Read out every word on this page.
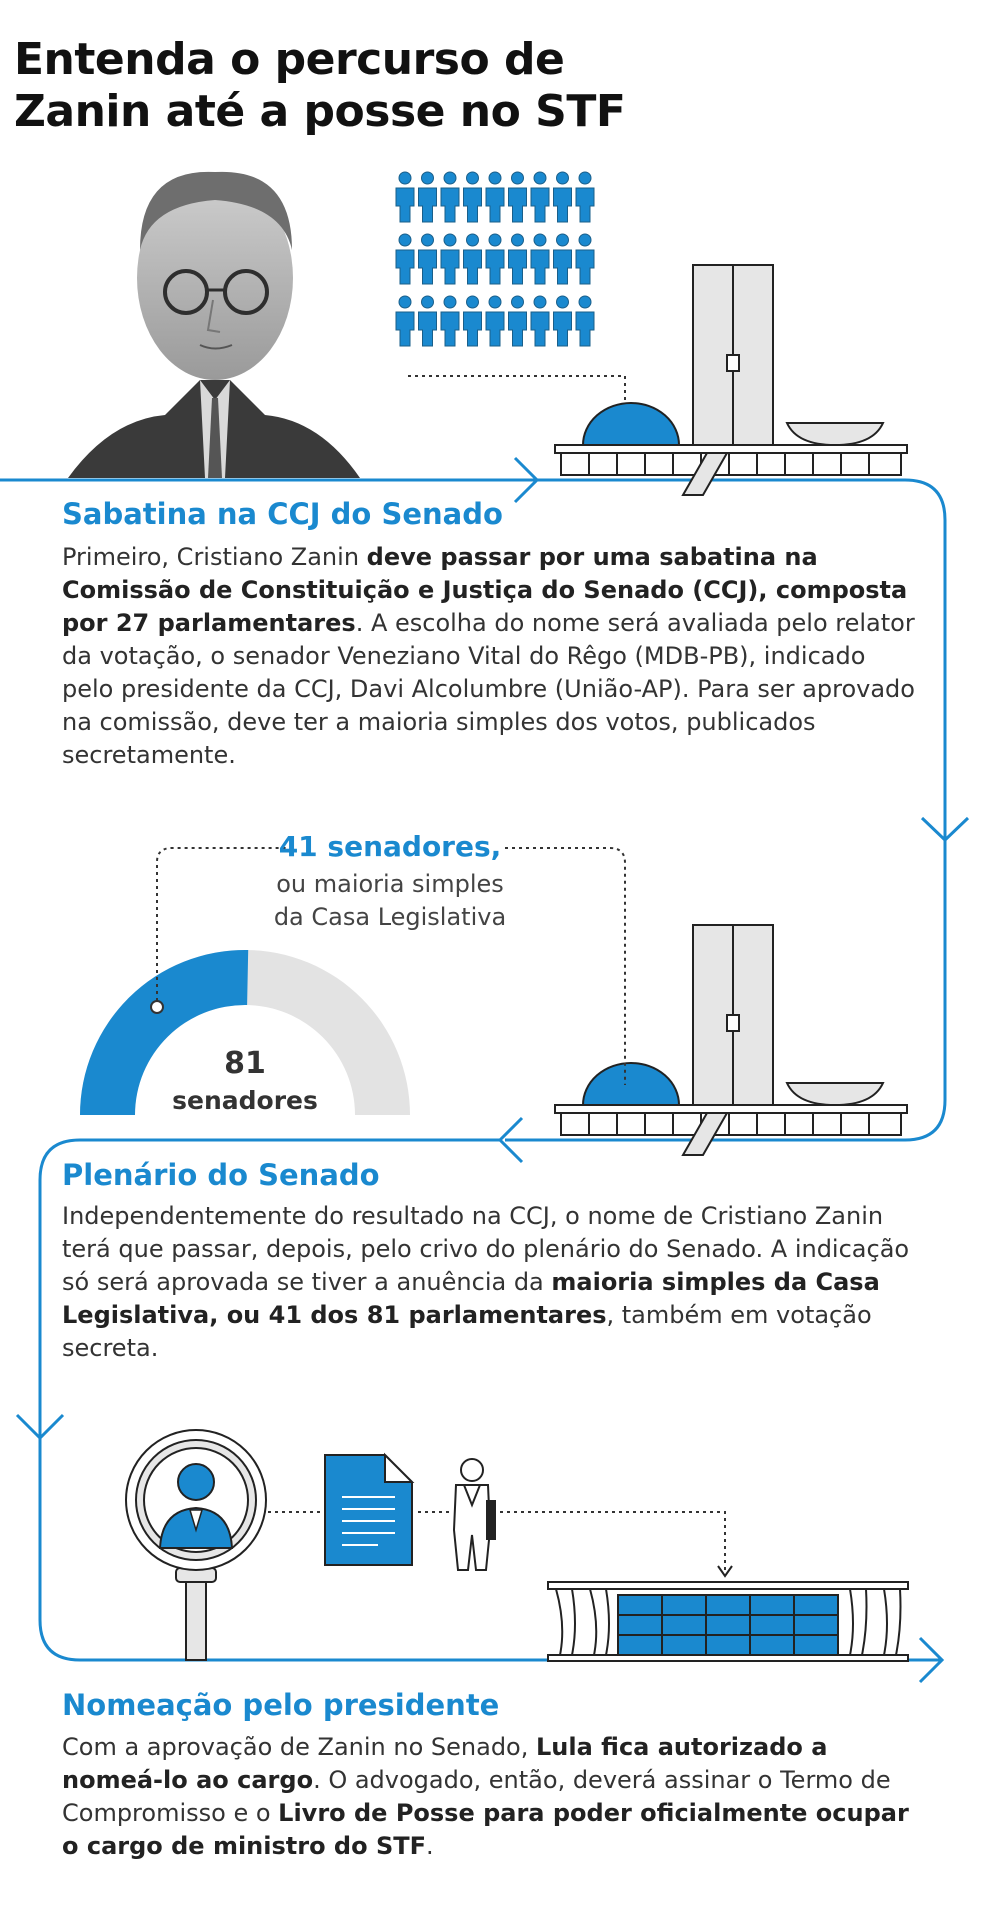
Entenda o percurso de
Zanin até a posse no STF
Sabatina na CCJ do Senado

Primeiro, Cristiano Zanin deve passar por uma sabatina na Comissão de Constituição e Justiça do Senado (CCJ), composta por 27 parlamentares. A escolha do nome será avaliada pelo relator da votação, o senador Veneziano Vital do Rêgo (MDB-PB), indicado pelo presidente da CCJ, Davi Alcolumbre (União-AP). Para ser aprovado na comissão, deve ter a maioria simples dos votos, publicados secretamente.

41 senadores,
ou maioria simples
da Casa Legislativa
81
senadores
Plenário do Senado

Independentemente do resultado na CCJ, o nome de Cristiano Zanin terá que passar, depois, pelo crivo do plenário do Senado. A indicação só será aprovada se tiver a anuência da maioria simples da Casa Legislativa, ou 41 dos 81 parlamentares, também em votação secreta.

Nomeação pelo presidente

Com a aprovação de Zanin no Senado, Lula fica autorizado a nomeá-lo ao cargo. O advogado, então, deverá assinar o Termo de Compromisso e o Livro de Posse para poder oficialmente ocupar o cargo de ministro do STF.
